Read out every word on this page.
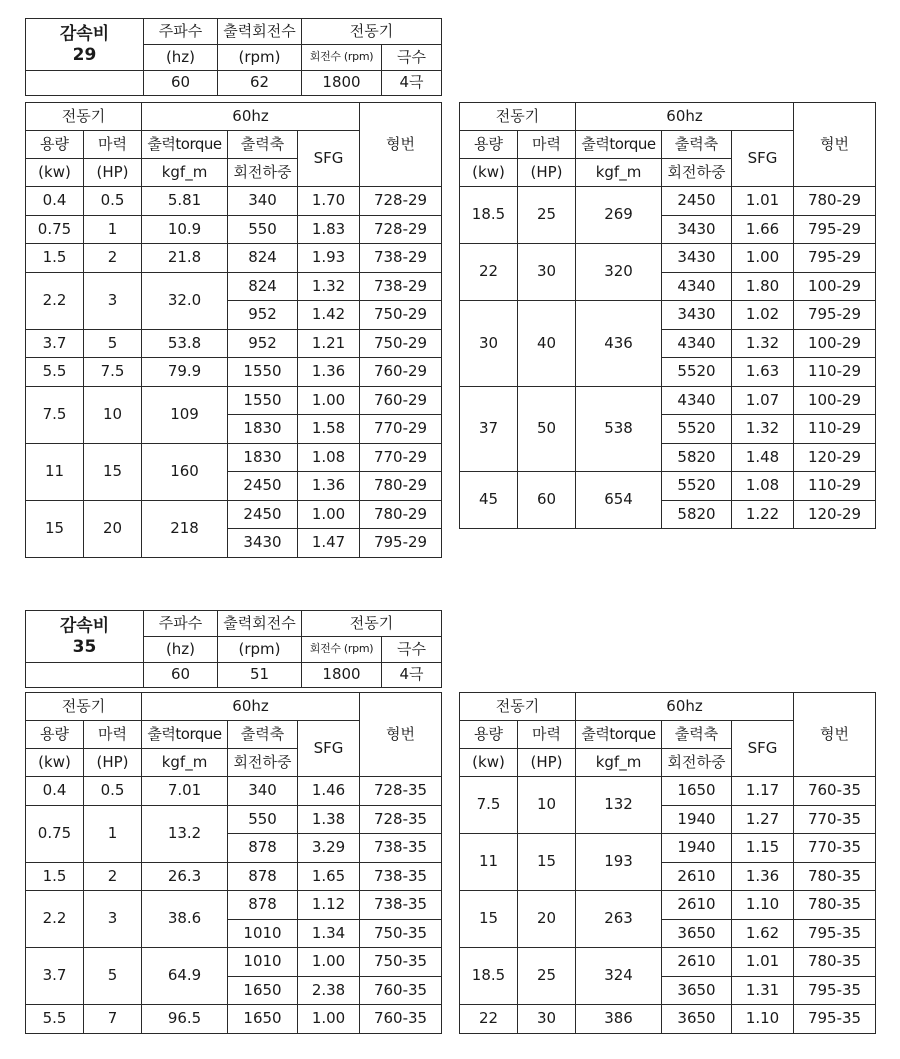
감속비
29	주파수	출력회전수	전동기	
	(hz)	(rpm)	회전수 (rpm)	극수
	60	62	1800	4극
전동기		60hz			형번
용량	마력	출력torque	출력축	SFG	
(kw)	(HP)	kgf_m	회전하중		
0.4	0.5	5.81	340	1.70	728-29
0.75	1	10.9	550	1.83	728-29
1.5	2	21.8	824	1.93	738-29
2.2	3	32.0	824	1.32	738-29
			952	1.42	750-29
3.7	5	53.8	952	1.21	750-29
5.5	7.5	79.9	1550	1.36	760-29
7.5	10	109	1550	1.00	760-29
			1830	1.58	770-29
11	15	160	1830	1.08	770-29
			2450	1.36	780-29
15	20	218	2450	1.00	780-29
			3430	1.47	795-29
전동기		60hz			형번
용량	마력	출력torque	출력축	SFG	
(kw)	(HP)	kgf_m	회전하중		
18.5	25	269	2450	1.01	780-29
			3430	1.66	795-29
22	30	320	3430	1.00	795-29
			4340	1.80	100-29
30	40	436	3430	1.02	795-29
			4340	1.32	100-29
			5520	1.63	110-29
37	50	538	4340	1.07	100-29
			5520	1.32	110-29
			5820	1.48	120-29
45	60	654	5520	1.08	110-29
			5820	1.22	120-29
감속비
35	주파수	출력회전수	전동기	
	(hz)	(rpm)	회전수 (rpm)	극수
	60	51	1800	4극
전동기		60hz			형번
용량	마력	출력torque	출력축	SFG	
(kw)	(HP)	kgf_m	회전하중		
0.4	0.5	7.01	340	1.46	728-35
0.75	1	13.2	550	1.38	728-35
			878	3.29	738-35
1.5	2	26.3	878	1.65	738-35
2.2	3	38.6	878	1.12	738-35
			1010	1.34	750-35
3.7	5	64.9	1010	1.00	750-35
			1650	2.38	760-35
5.5	7	96.5	1650	1.00	760-35
전동기		60hz			형번
용량	마력	출력torque	출력축	SFG	
(kw)	(HP)	kgf_m	회전하중		
7.5	10	132	1650	1.17	760-35
			1940	1.27	770-35
11	15	193	1940	1.15	770-35
			2610	1.36	780-35
15	20	263	2610	1.10	780-35
			3650	1.62	795-35
18.5	25	324	2610	1.01	780-35
			3650	1.31	795-35
22	30	386	3650	1.10	795-35
